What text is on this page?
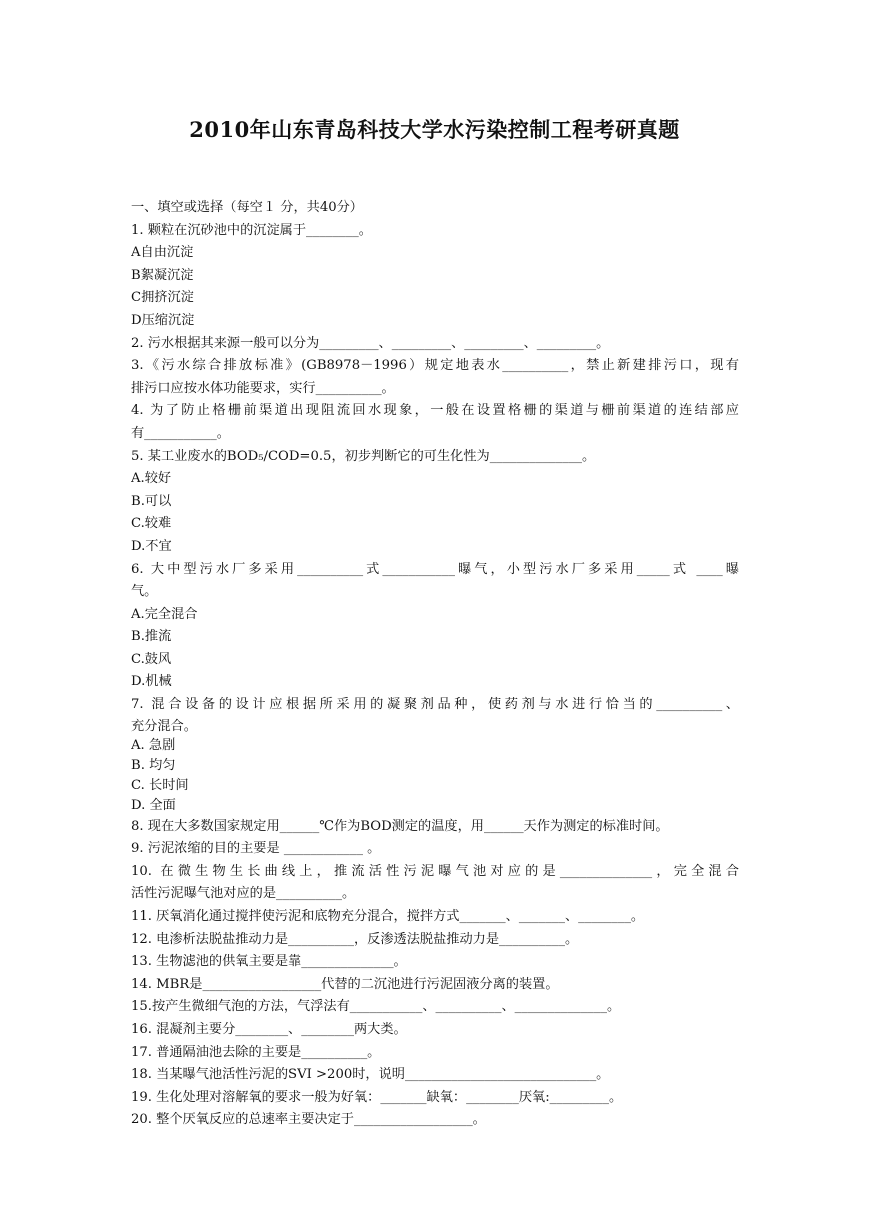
2010年山东青岛科技大学水污染控制工程考研真题
一、填空或选择（每空１ 分，共40分）
1. 颗粒在沉砂池中的沉淀属于________。
A自由沉淀
B絮凝沉淀
C拥挤沉淀
D压缩沉淀
2. 污水根据其来源一般可以分为_________、_________、_________、_________。
3.《污水综合排放标准》(GB8978－1996）规定地表水__________，禁止新建排污口，现有
排污口应按水体功能要求，实行__________。
4. 为了防止格栅前渠道出现阻流回水现象，一般在设置格栅的渠道与栅前渠道的连结部应
有___________。
5. 某工业废水的BOD₅/COD=0.5，初步判断它的可生化性为______________。
A.较好
B.可以
C.较难
D.不宜
6. 大中型污水厂多采用__________式___________曝气，小型污水厂多采用_____式 ____曝
气。
A.完全混合
B.推流
C.鼓风
D.机械
7. 混合设备的设计应根据所采用的凝聚剂品种，使药剂与水进行恰当的__________、
充分混合。
A. 急剧
B. 均匀
C. 长时间
D. 全面
8. 现在大多数国家规定用______℃作为BOD测定的温度，用______天作为测定的标准时间。
9. 污泥浓缩的目的主要是 ____________ 。
10. 在微生物生长曲线上，推流活性污泥曝气池对应的是______________，完全混合
活性污泥曝气池对应的是__________。
11. 厌氧消化通过搅拌使污泥和底物充分混合，搅拌方式_______、_______、________。
12. 电渗析法脱盐推动力是__________，反渗透法脱盐推动力是__________。
13. 生物滤池的供氧主要是靠______________。
14. MBR是__________________代替的二沉池进行污泥固液分离的装置。
15.按产生微细气泡的方法，气浮法有___________、__________、______________。
16. 混凝剂主要分________、________两大类。
17. 普通隔油池去除的主要是__________。
18. 当某曝气池活性污泥的SVI >200时，说明_____________________________。
19. 生化处理对溶解氧的要求一般为好氧：_______缺氧：________厌氧:_________。
20. 整个厌氧反应的总速率主要决定于__________________。
